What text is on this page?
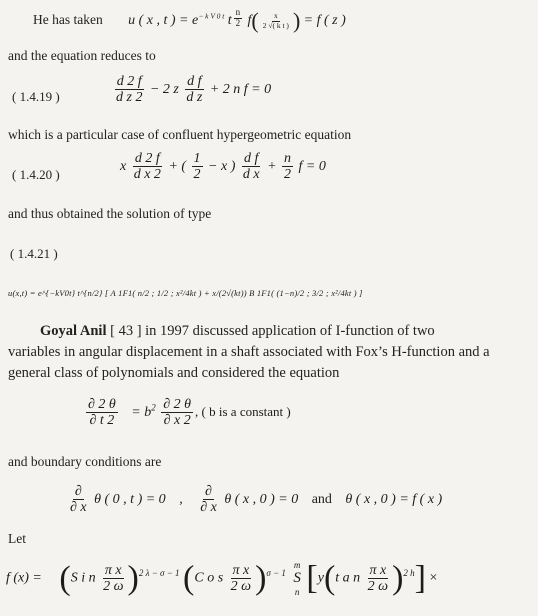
He has taken u ( x , t ) = $e^{- k V 0 t}$ t $\frac{n}{2} f( \frac{x}{\text{2 √( k t )}}$ ) = f ( z )
and the equation reduces to
( 1.4.19 )	$\frac{d 2 f}{\text{d z 2}} - 2$ z $\frac{\text{d f}}{\text{d z}} + 2$ n f = 0
which is a particular case of confluent hypergeometric equation
( 1.4.20 )
x $\frac{d 2 f}{\text{d x 2}}$ + ( $\frac{1}{2} - x$ ) $\frac{\text{d f}}{\text{d x}} + \frac{n}{2}$ f = 0
and thus obtained the solution of type
( 1.4.21 )
u(x,t) = e^{−kV0t} t^{n/2} [ A 1F1( n/2 ; 1/2 ; x²/4kt ) + x/(2√(kt)) B 1F1( (1−n)/2 ; 3/2 ; x²/4kt ) ]
Goyal Anil [ 43 ] in 1997 discussed application of I-function of two
variables in angular displacement in a shaft associated with Fox’s H-function and a
general class of polynomials and considered the equation
$\frac{\partial 2 \theta}{\partial t 2} = b^2 \frac{\partial 2 \theta}{\partial x 2}$ , ( b is a constant )
and boundary conditions are
$\frac{\partial}{\partial x}$ θ ( 0 , t ) = 0 , $\frac{\partial}{\partial x}$ θ ( x , 0 ) = 0 and θ ( x , 0 ) = f ( x )
Let
f (x) = (S i n $\frac{\text{π x}}{2 \omega} )^{2 \lambda - \sigma - 1}$ (C o s $\frac{\text{π x}}{2 \omega} )^{\sigma - 1}$
m
S
n [y(t a n $\frac{\text{π x}}{2 \omega} )^{2 h}$] ×
